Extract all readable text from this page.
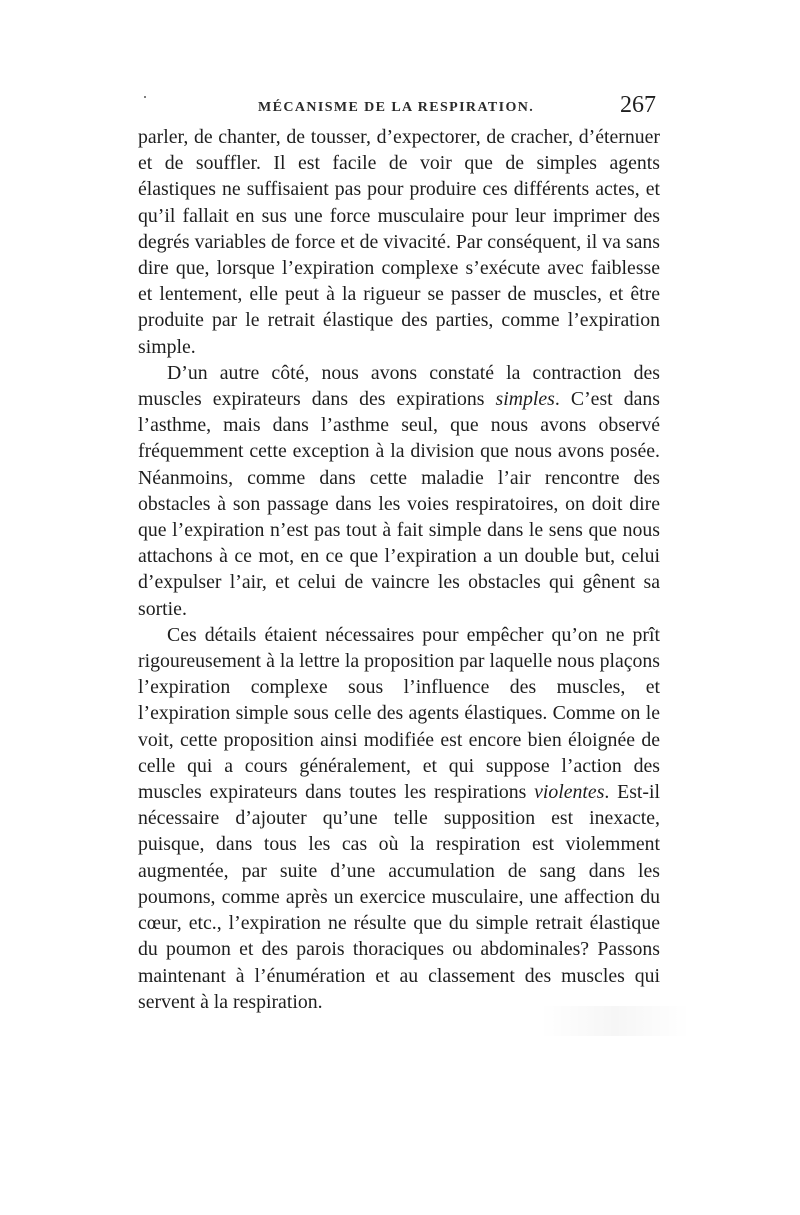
MÉCANISME DE LA RESPIRATION.	267

parler, de chanter, de tousser, d’expectorer, de cracher, d’éternuer et de souffler. Il est facile de voir que de simples agents élastiques ne suffisaient pas pour produire ces différents actes, et qu’il fallait en sus une force musculaire pour leur imprimer des degrés variables de force et de vivacité. Par conséquent, il va sans dire que, lorsque l’expiration complexe s’exécute avec faiblesse et lentement, elle peut à la rigueur se passer de muscles, et être produite par le retrait élastique des parties, comme l’expiration simple.

D’un autre côté, nous avons constaté la contraction des muscles expirateurs dans des expirations simples. C’est dans l’asthme, mais dans l’asthme seul, que nous avons observé fréquemment cette exception à la division que nous avons posée. Néanmoins, comme dans cette maladie l’air rencontre des obstacles à son passage dans les voies respiratoires, on doit dire que l’expiration n’est pas tout à fait simple dans le sens que nous attachons à ce mot, en ce que l’expiration a un double but, celui d’expulser l’air, et celui de vaincre les obstacles qui gênent sa sortie.

Ces détails étaient nécessaires pour empêcher qu’on ne prît rigoureusement à la lettre la proposition par laquelle nous plaçons l’expiration complexe sous l’influence des muscles, et l’expiration simple sous celle des agents élastiques. Comme on le voit, cette proposition ainsi modifiée est encore bien éloignée de celle qui a cours généralement, et qui suppose l’action des muscles expirateurs dans toutes les respirations violentes. Est-il nécessaire d’ajouter qu’une telle supposition est inexacte, puisque, dans tous les cas où la respiration est violemment augmentée, par suite d’une accumulation de sang dans les poumons, comme après un exercice musculaire, une affection du cœur, etc., l’expiration ne résulte que du simple retrait élastique du poumon et des parois thoraciques ou abdominales? Passons maintenant à l’énumération et au classement des muscles qui servent à la respiration.
